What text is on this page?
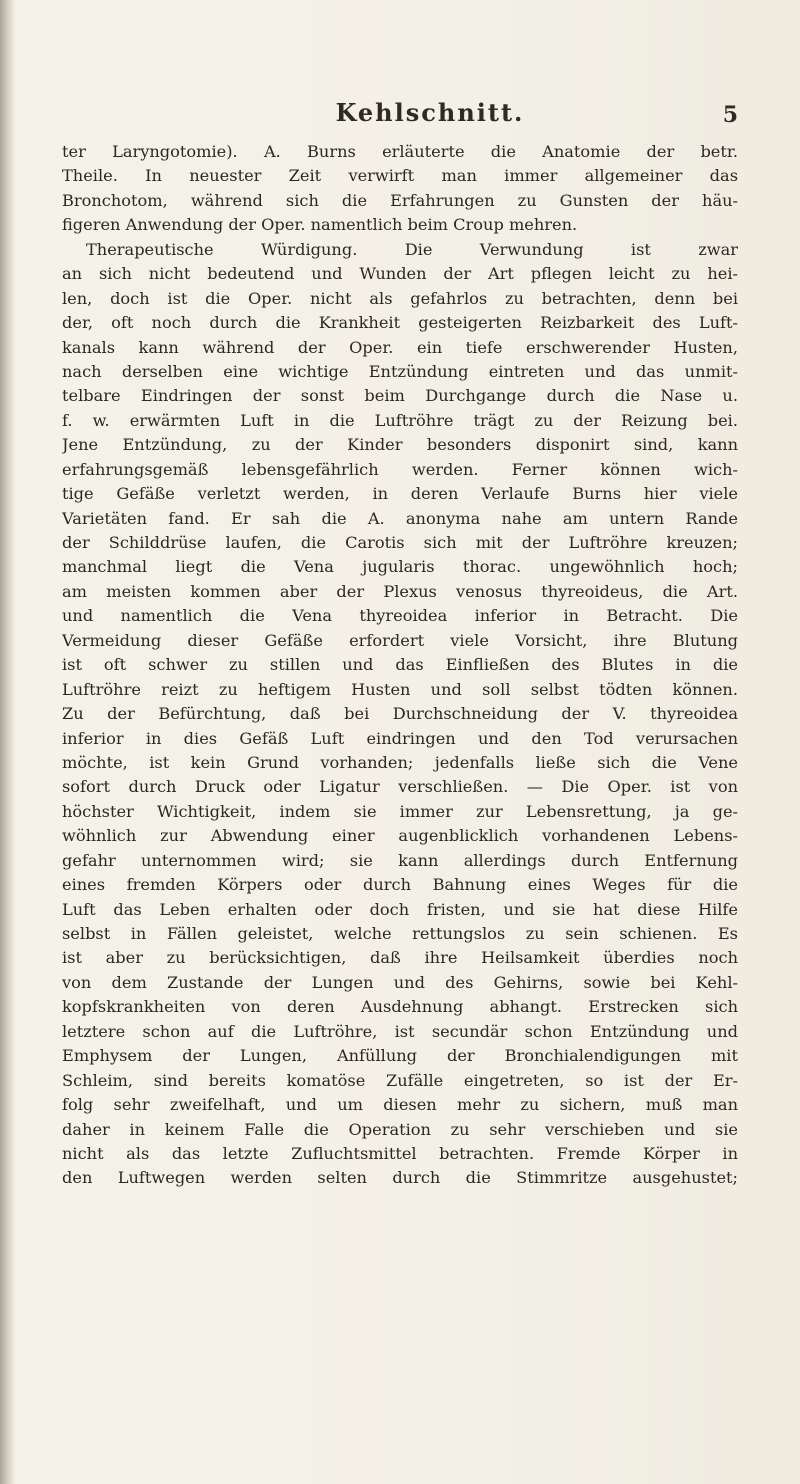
Kehlschnitt.	5
ter Laryngotomie). A. Burns erläuterte die Anatomie der betr.
Theile. In neuester Zeit verwirft man immer allgemeiner das
Bronchotom, während sich die Erfahrungen zu Gunsten der häu-
figeren Anwendung der Oper. namentlich beim Croup mehren.
Therapeutische Würdigung. Die Verwundung ist zwar
an sich nicht bedeutend und Wunden der Art pflegen leicht zu hei-
len, doch ist die Oper. nicht als gefahrlos zu betrachten, denn bei
der, oft noch durch die Krankheit gesteigerten Reizbarkeit des Luft-
kanals kann während der Oper. ein tiefe erschwerender Husten,
nach derselben eine wichtige Entzündung eintreten und das unmit-
telbare Eindringen der sonst beim Durchgange durch die Nase u.
f. w. erwärmten Luft in die Luftröhre trägt zu der Reizung bei.
Jene Entzündung, zu der Kinder besonders disponirt sind, kann
erfahrungsgemäß lebensgefährlich werden. Ferner können wich-
tige Gefäße verletzt werden, in deren Verlaufe Burns hier viele
Varietäten fand. Er sah die A. anonyma nahe am untern Rande
der Schilddrüse laufen, die Carotis sich mit der Luftröhre kreuzen;
manchmal liegt die Vena jugularis thorac. ungewöhnlich hoch;
am meisten kommen aber der Plexus venosus thyreoideus, die Art.
und namentlich die Vena thyreoidea inferior in Betracht. Die
Vermeidung dieser Gefäße erfordert viele Vorsicht, ihre Blutung
ist oft schwer zu stillen und das Einfließen des Blutes in die
Luftröhre reizt zu heftigem Husten und soll selbst tödten können.
Zu der Befürchtung, daß bei Durchschneidung der V. thyreoidea
inferior in dies Gefäß Luft eindringen und den Tod verursachen
möchte, ist kein Grund vorhanden; jedenfalls ließe sich die Vene
sofort durch Druck oder Ligatur verschließen. — Die Oper. ist von
höchster Wichtigkeit, indem sie immer zur Lebensrettung, ja ge-
wöhnlich zur Abwendung einer augenblicklich vorhandenen Lebens-
gefahr unternommen wird; sie kann allerdings durch Entfernung
eines fremden Körpers oder durch Bahnung eines Weges für die
Luft das Leben erhalten oder doch fristen, und sie hat diese Hilfe
selbst in Fällen geleistet, welche rettungslos zu sein schienen. Es
ist aber zu berücksichtigen, daß ihre Heilsamkeit überdies noch
von dem Zustande der Lungen und des Gehirns, sowie bei Kehl-
kopfskrankheiten von deren Ausdehnung abhangt. Erstrecken sich
letztere schon auf die Luftröhre, ist secundär schon Entzündung und
Emphysem der Lungen, Anfüllung der Bronchialendigungen mit
Schleim, sind bereits komatöse Zufälle eingetreten, so ist der Er-
folg sehr zweifelhaft, und um diesen mehr zu sichern, muß man
daher in keinem Falle die Operation zu sehr verschieben und sie
nicht als das letzte Zufluchtsmittel betrachten. Fremde Körper in
den Luftwegen werden selten durch die Stimmritze ausgehustet;
